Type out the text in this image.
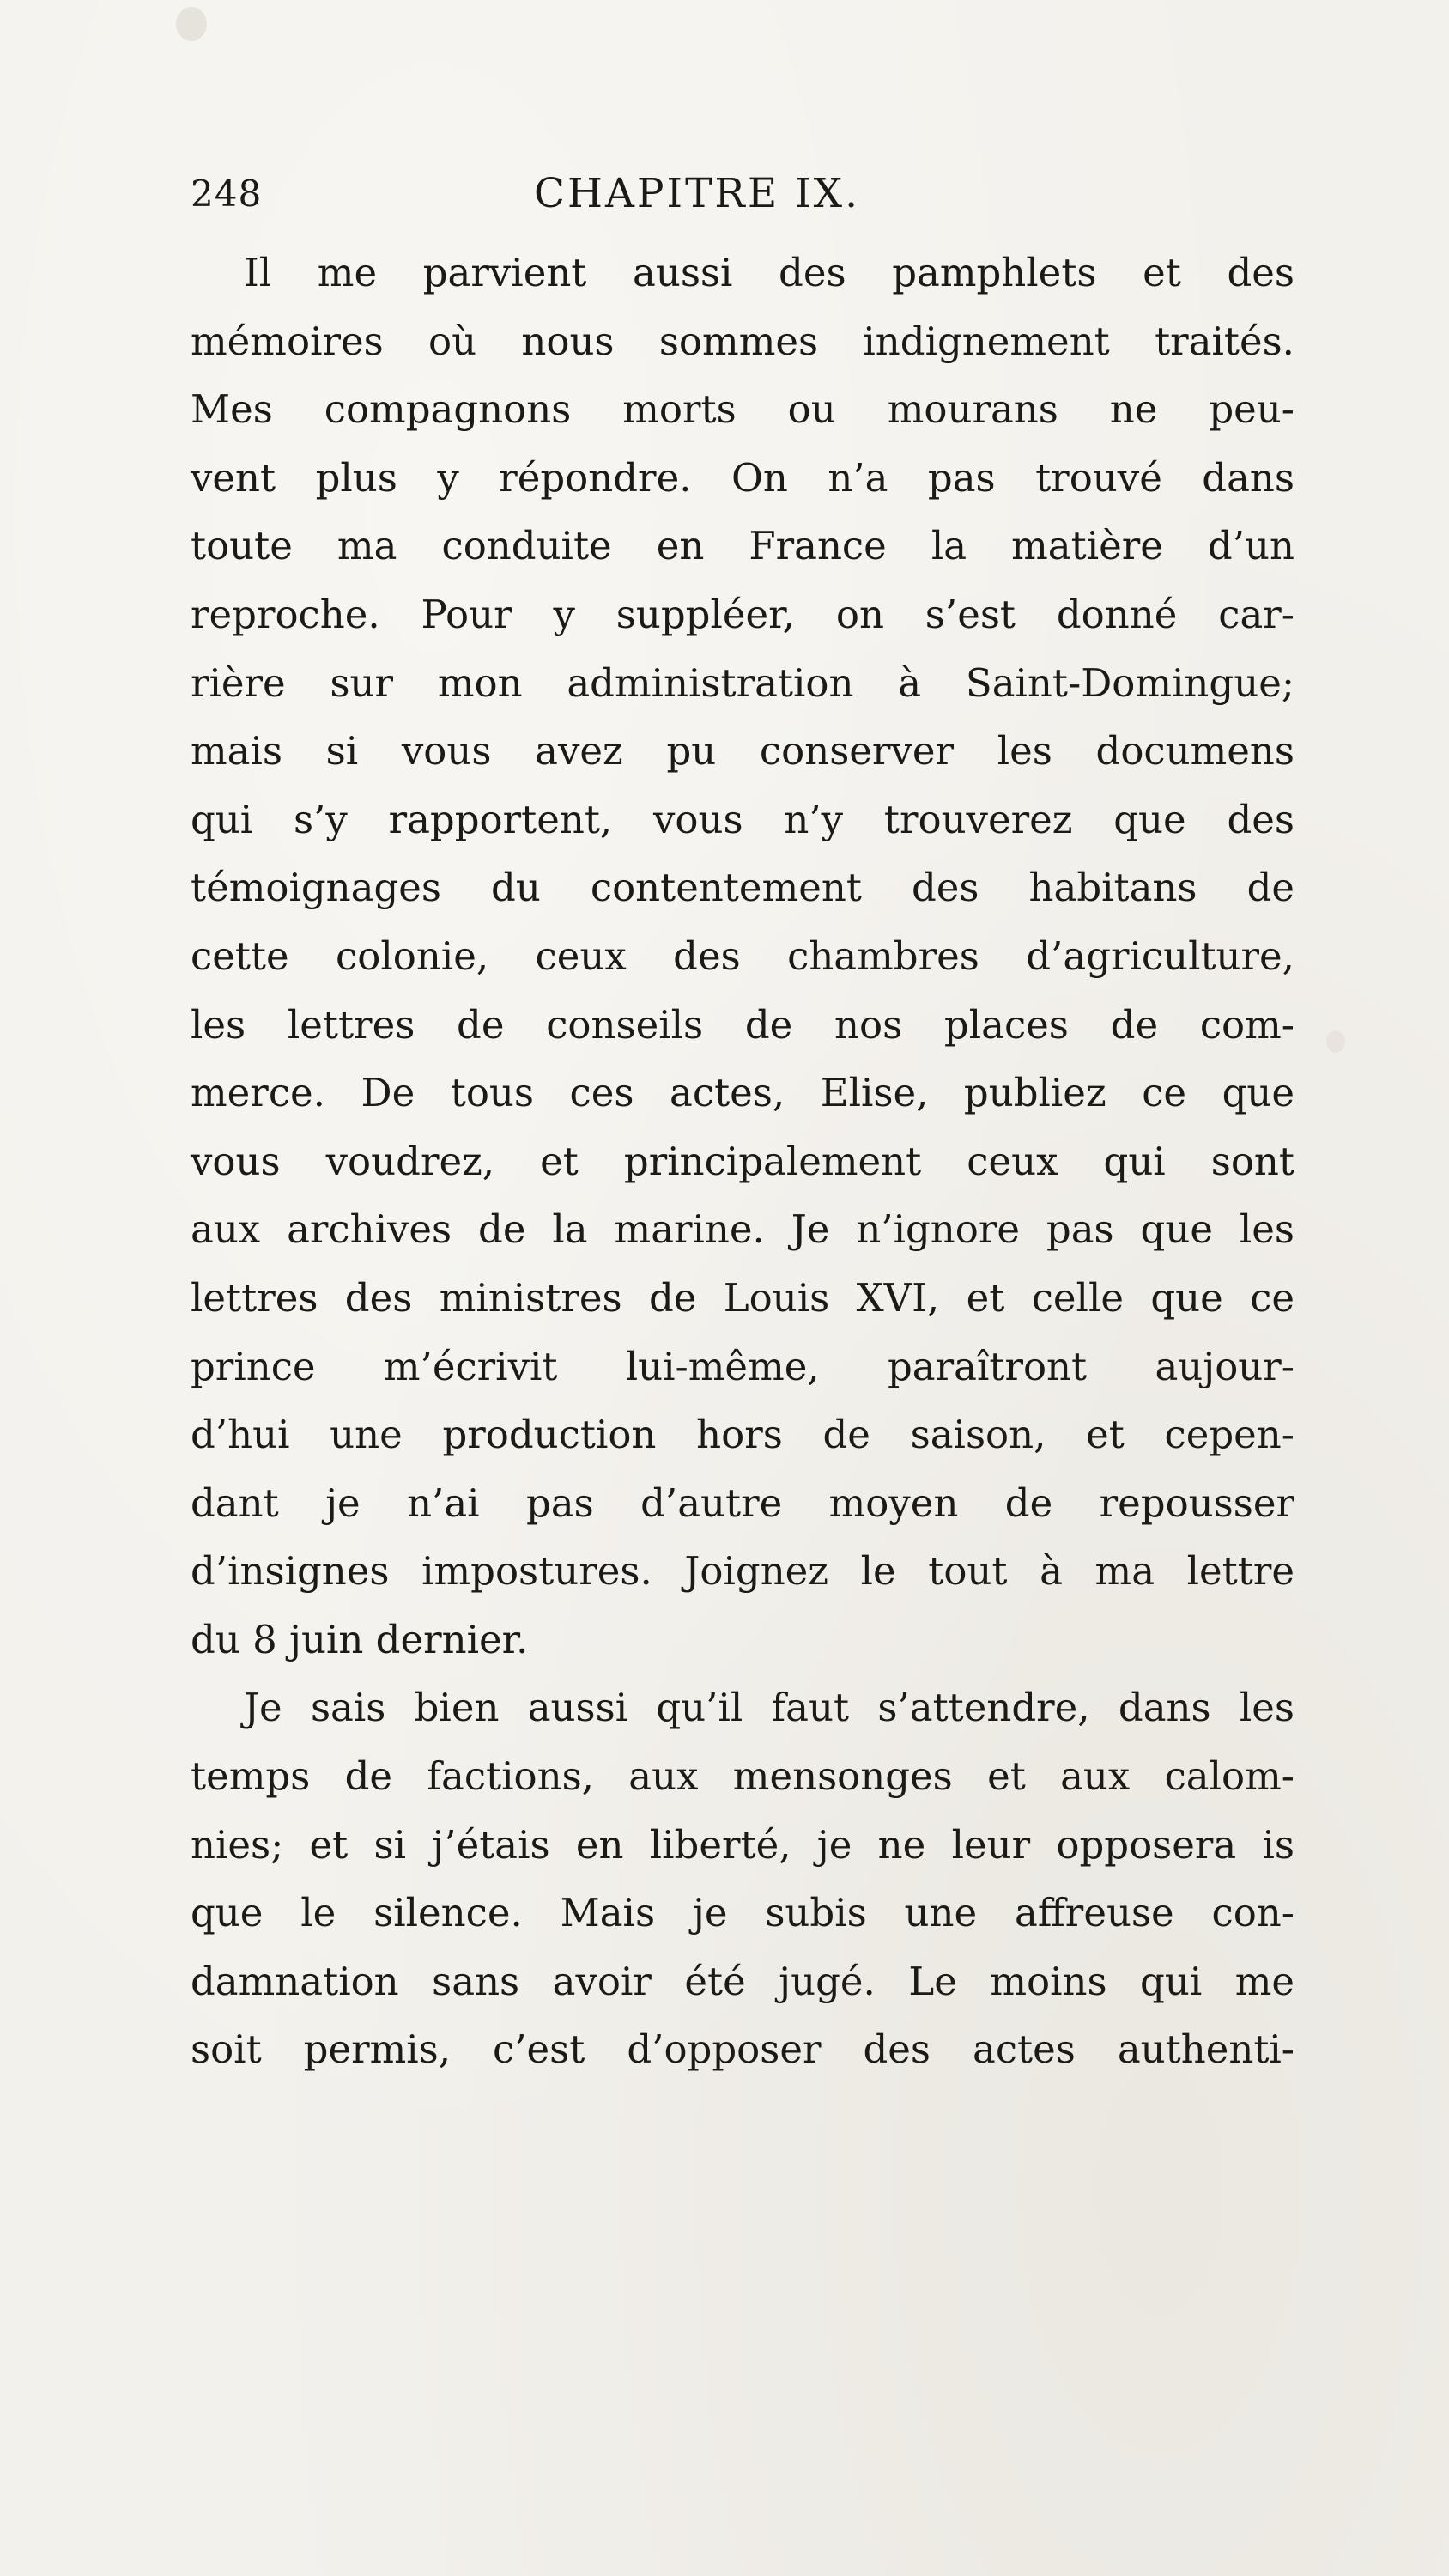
248	CHAPITRE IX.
Il me parvient aussi des pamphlets et des
mémoires où nous sommes indignement traités.
Mes compagnons morts ou mourans ne peu-
vent plus y répondre. On n’a pas trouvé dans
toute ma conduite en France la matière d’un
reproche. Pour y suppléer, on s’est donné car-
rière sur mon administration à Saint-Domingue;
mais si vous avez pu conserver les documens
qui s’y rapportent, vous n’y trouverez que des
témoignages du contentement des habitans de
cette colonie, ceux des chambres d’agriculture,
les lettres de conseils de nos places de com-
merce. De tous ces actes, Elise, publiez ce que
vous voudrez, et principalement ceux qui sont
aux archives de la marine. Je n’ignore pas que les
lettres des ministres de Louis XVI, et celle que ce
prince m’écrivit lui-même, paraîtront aujour-
d’hui une production hors de saison, et cepen-
dant je n’ai pas d’autre moyen de repousser
d’insignes impostures. Joignez le tout à ma lettre
du 8 juin dernier.
Je sais bien aussi qu’il faut s’attendre, dans les
temps de factions, aux mensonges et aux calom-
nies; et si j’étais en liberté, je ne leur opposera is
que le silence. Mais je subis une affreuse con-
damnation sans avoir été jugé. Le moins qui me
soit permis, c’est d’opposer des actes authenti-
